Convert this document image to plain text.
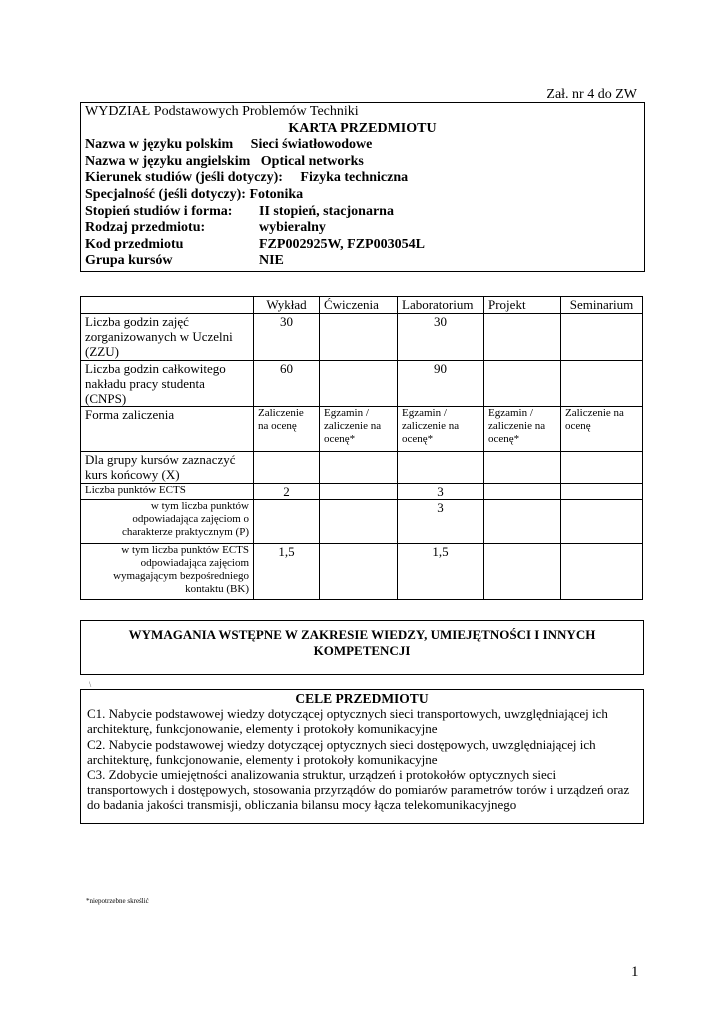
Zał. nr 4 do ZW
WYDZIAŁ Podstawowych Problemów Techniki
KARTA PRZEDMIOTU
Nazwa w języku polskim     Sieci światłowodowe
Nazwa w języku angielskim   Optical networks
Kierunek studiów (jeśli dotyczy):     Fizyka techniczna
Specjalność (jeśli dotyczy): Fotonika
Stopień studiów i forma:	II stopień, stacjonarna
Rodzaj przedmiotu:	wybieralny
Kod przedmiotu	FZP002925W, FZP003054L
Grupa kursów	NIE
	Wykład	Ćwiczenia	Laboratorium	Projekt	Seminarium
Liczba godzin zajęć zorganizowanych w Uczelni (ZZU)	30		30		
Liczba godzin całkowitego nakładu pracy studenta (CNPS)	60		90		
Forma zaliczenia	Zaliczenie na ocenę	Egzamin / zaliczenie na ocenę*	Egzamin / zaliczenie na ocenę*	Egzamin / zaliczenie na ocenę*	Zaliczenie na ocenę
Dla grupy kursów zaznaczyć kurs końcowy (X)					
Liczba punktów ECTS	2		3		
w tym liczba punktów odpowiadająca zajęciom o charakterze praktycznym (P)			3		
w tym liczba punktów ECTS odpowiadająca zajęciom wymagającym bezpośredniego kontaktu (BK)	1,5		1,5		
WYMAGANIA WSTĘPNE W ZAKRESIE WIEDZY, UMIEJĘTNOŚCI I INNYCH KOMPETENCJI
\
CELE PRZEDMIOTU
C1. Nabycie podstawowej wiedzy dotyczącej optycznych sieci transportowych, uwzględniającej ich architekturę, funkcjonowanie, elementy i protokoły komunikacyjne
C2. Nabycie podstawowej wiedzy dotyczącej optycznych sieci dostępowych, uwzględniającej ich architekturę, funkcjonowanie, elementy i protokoły komunikacyjne
C3. Zdobycie umiejętności analizowania struktur, urządzeń i protokołów optycznych sieci transportowych i dostępowych, stosowania przyrządów do pomiarów parametrów torów i urządzeń oraz do badania jakości transmisji, obliczania bilansu mocy łącza telekomunikacyjnego
*niepotrzebne skreślić
1
